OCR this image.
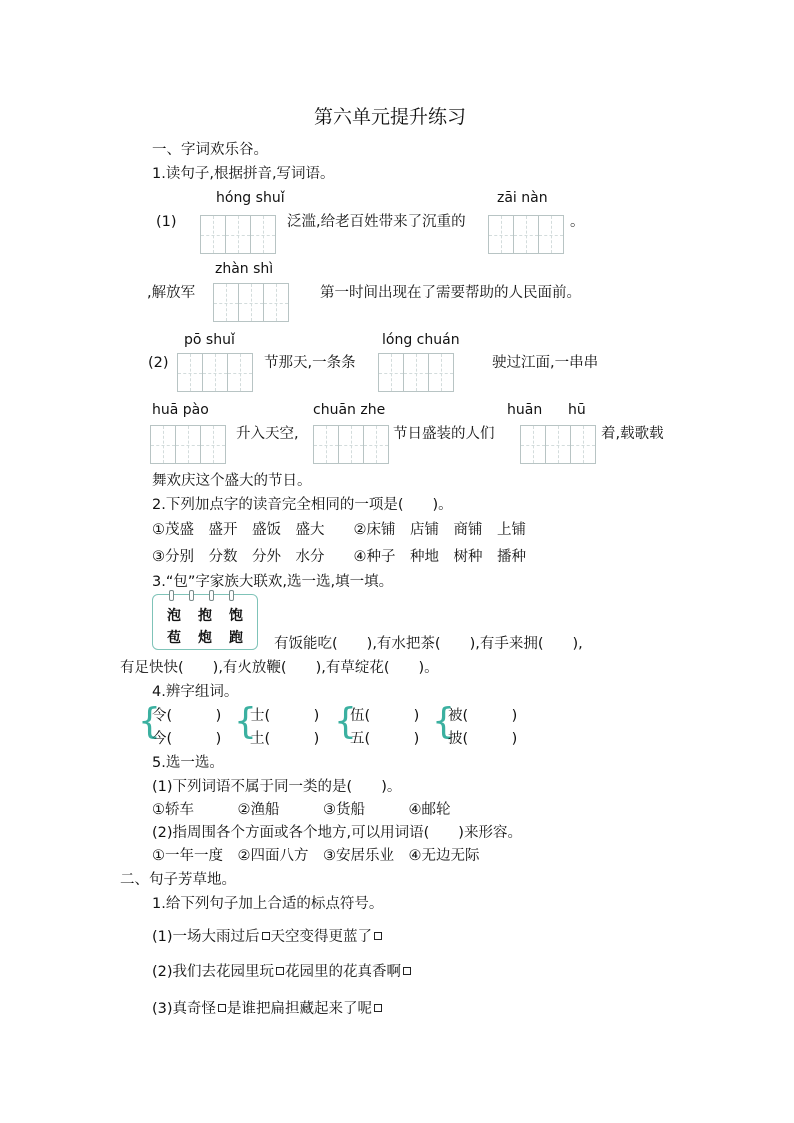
第六单元提升练习
一、字词欢乐谷。
1.读句子,根据拼音,写词语。
hóng shuǐ	zāi nàn
zhàn shì
pō shuǐ	lóng chuán
huā pào	chuān zhe	huān hū
(1)	泛滥,给老百姓带来了沉重的	。
,解放军	第一时间出现在了需要帮助的人民面前。
(2)	节那天,一条条	驶过江面,一串串
升入天空,	节日盛装的人们	着,载歌载
舞欢庆这个盛大的节日。
2.下列加点字的读音完全相同的一项是(　　)。
①茂盛　盛开　盛饭　盛大　　②床铺　店铺　商铺　上铺
③分别　分数　分外　水分　　④种子　种地　树种　播种
3.“包”字家族大联欢,选一选,填一填。
泡 抱 饱
苞 炮 跑 有饭能吃(　　),有水把茶(　　),有手来拥(　　),
有足快快(　　),有火放鞭(　　),有草绽花(　　)。
4.辨字组词。
{
令(　　　)
今(　　　) {
士(　　　)
土(　　　) {
伍(　　　)
五(　　　) {
被(　　　)
披(　　　)
5.选一选。
(1)下列词语不属于同一类的是(　　)。
①轿车　　　②渔船　　　③货船　　　④邮轮
(2)指周围各个方面或各个地方,可以用词语(　　)来形容。
①一年一度　②四面八方　③安居乐业　④无边无际
二、句子芳草地。
1.给下列句子加上合适的标点符号。
(1)一场大雨过后 天空变得更蓝了
(2)我们去花园里玩 花园里的花真香啊
(3)真奇怪 是谁把扁担藏起来了呢
